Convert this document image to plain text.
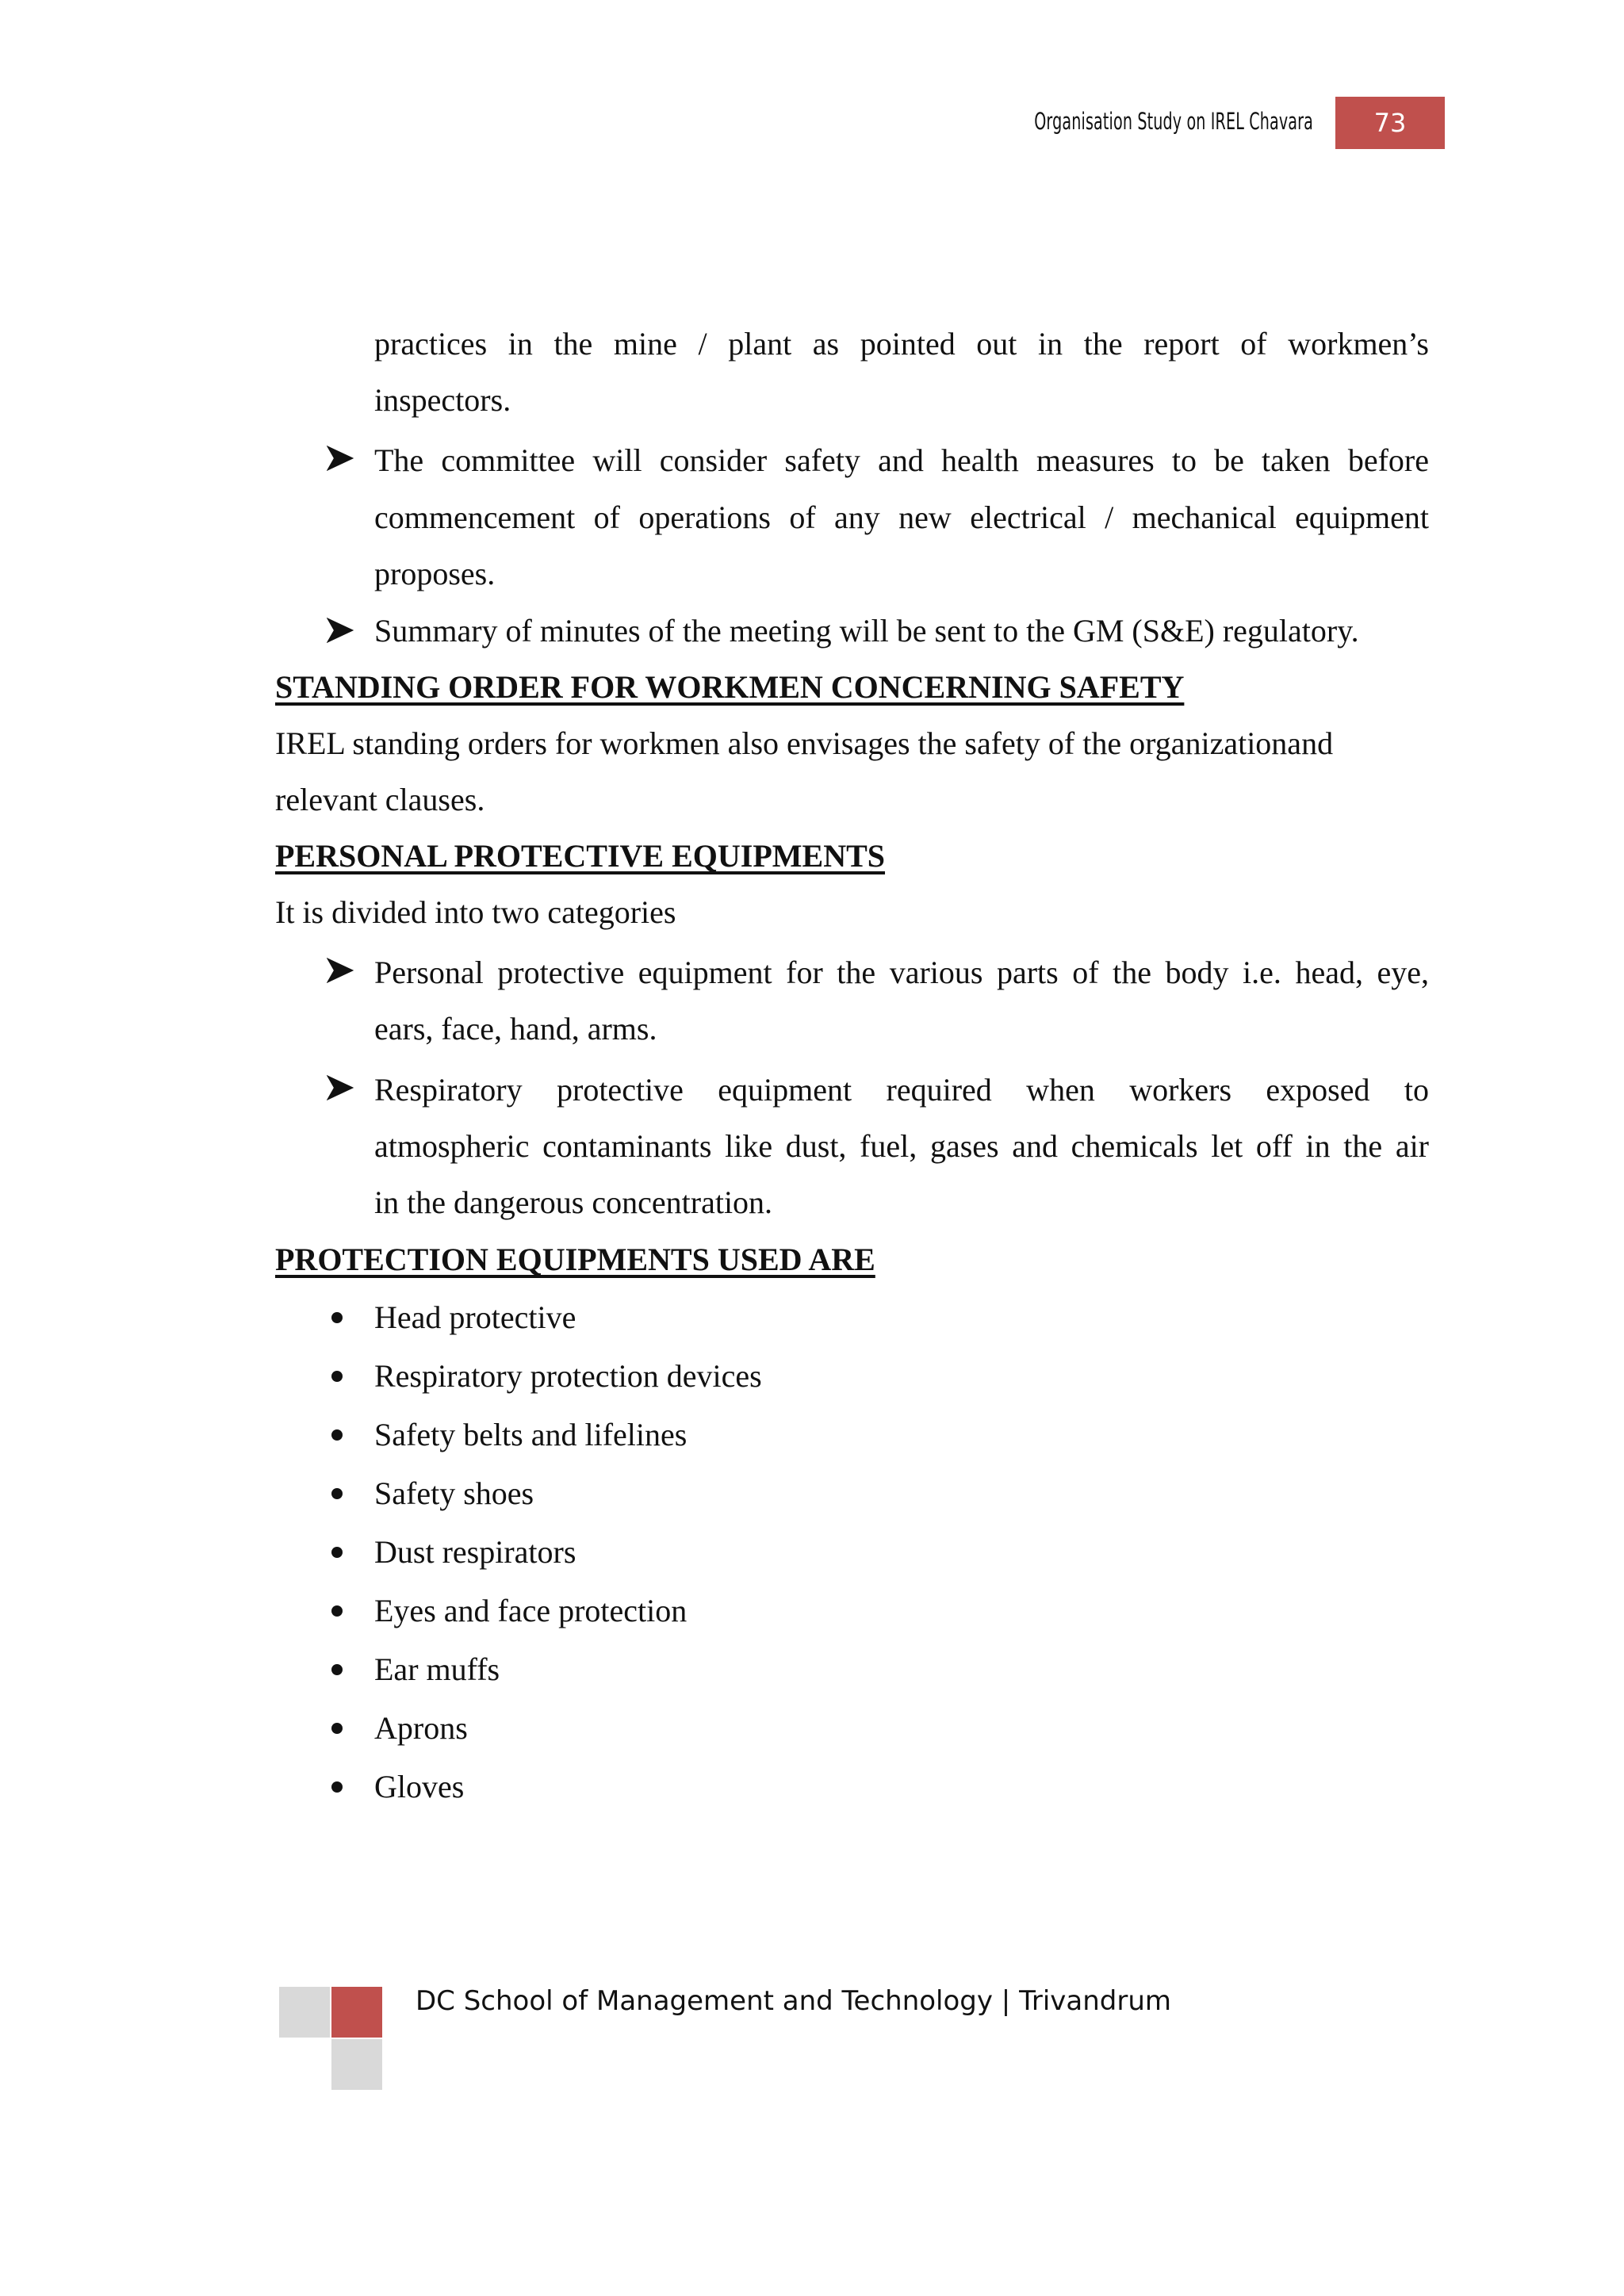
Organisation Study on IREL Chavara 73
practices in the mine / plant as pointed out in the report of workmen’s
inspectors.
The committee will consider safety and health measures to be taken before
commencement of operations of any new electrical / mechanical equipment
proposes.
Summary of minutes of the meeting will be sent to the GM (S&E) regulatory.
STANDING ORDER FOR WORKMEN CONCERNING SAFETY
IREL standing orders for workmen also envisages the safety of the organizationand
relevant clauses.
PERSONAL PROTECTIVE EQUIPMENTS
It is divided into two categories
Personal protective equipment for the various parts of the body i.e. head, eye,
ears, face, hand, arms.
Respiratory protective equipment required when workers exposed to
atmospheric contaminants like dust, fuel, gases and chemicals let off in the air
in the dangerous concentration.
PROTECTION EQUIPMENTS USED ARE
Head protective
Respiratory protection devices
Safety belts and lifelines
Safety shoes
Dust respirators
Eyes and face protection
Ear muffs
Aprons
Gloves
DC School of Management and Technology | Trivandrum
